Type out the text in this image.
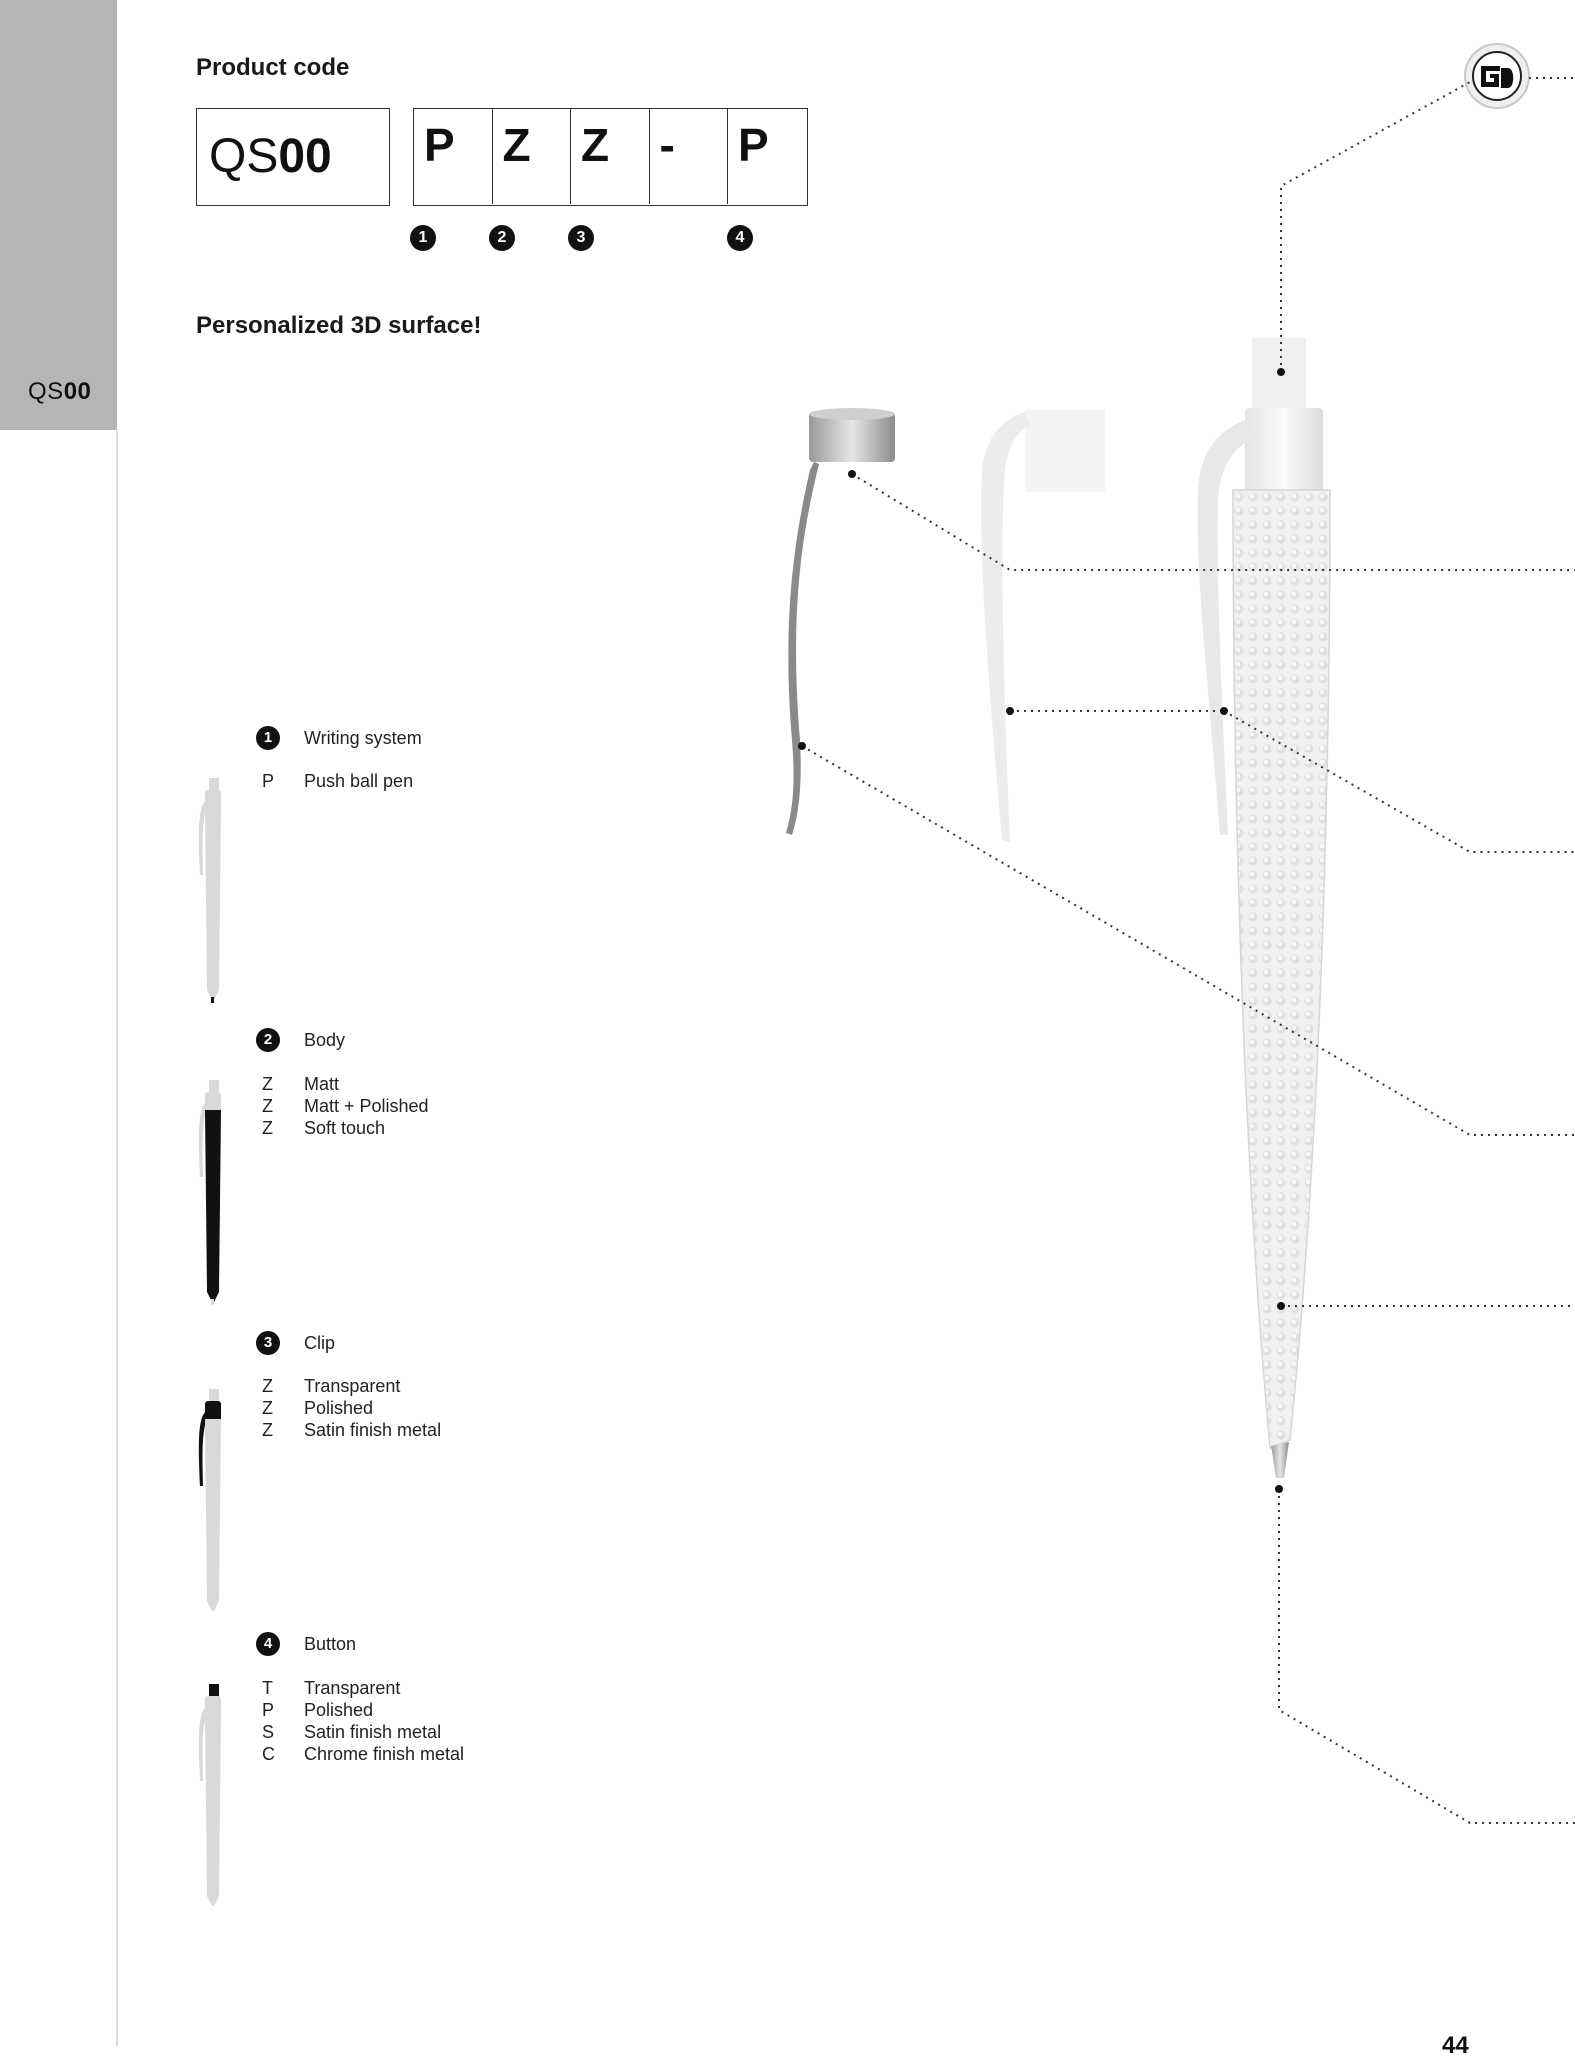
QS00
Product code
QS00	P	Z	Z	-	P
1	2	3	4
Personalized 3D surface!
1	Writing system
P	Push ball pen
2	Body
Z	Matt
Z	Matt + Polished
Z	Soft touch
3	Clip
Z	Transparent
Z	Polished
Z	Satin finish metal
4	Button
T	Transparent
P	Polished
S	Satin finish metal
C	Chrome finish metal
44
